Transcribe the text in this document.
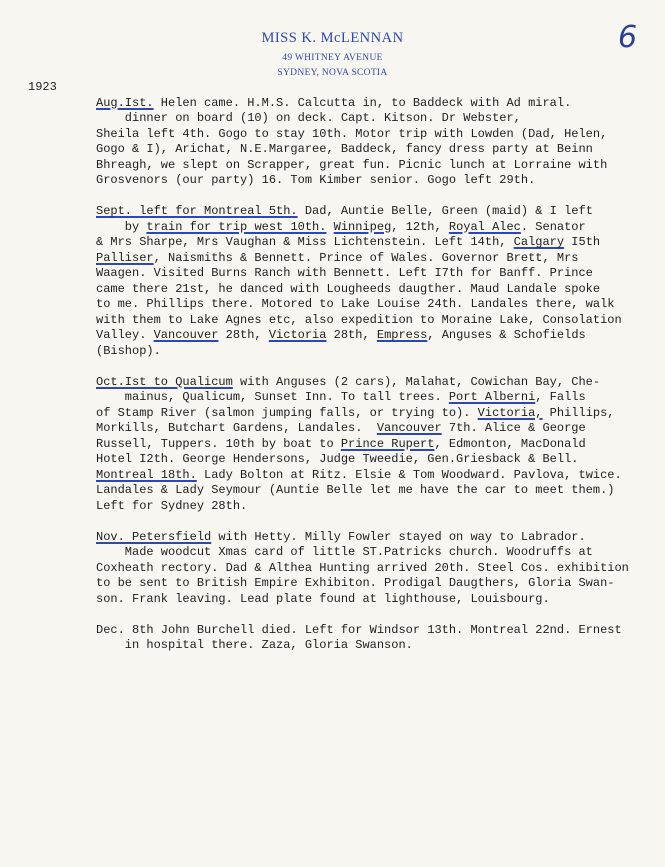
MISS K. McLENNAN
49 WHITNEY AVENUE
SYDNEY, NOVA SCOTIA
6
1923

Aug.Ist. Helen came. H.M.S. Calcutta in, to Baddeck with Ad miral.
dinner on board (10) on deck. Capt. Kitson. Dr Webster,
Sheila left 4th. Gogo to stay 10th. Motor trip with Lowden (Dad, Helen,
Gogo & I), Arichat, N.E.Margaree, Baddeck, fancy dress party at Beinn
Bhreagh, we slept on Scrapper, great fun. Picnic lunch at Lorraine with
Grosvenors (our party) 16. Tom Kimber senior. Gogo left 29th.

Sept. left for Montreal 5th. Dad, Auntie Belle, Green (maid) & I left
by train for trip west 10th. Winnipeg, 12th, Royal Alec. Senator
& Mrs Sharpe, Mrs Vaughan & Miss Lichtenstein. Left 14th, Calgary I5th
Palliser, Naismiths & Bennett. Prince of Wales. Governor Brett, Mrs
Waagen. Visited Burns Ranch with Bennett. Left I7th for Banff. Prince
came there 21st, he danced with Lougheeds daugther. Maud Landale spoke
to me. Phillips there. Motored to Lake Louise 24th. Landales there, walk
with them to Lake Agnes etc, also expedition to Moraine Lake, Consolation
Valley. Vancouver 28th, Victoria 28th, Empress, Anguses & Schofields
(Bishop).

Oct.Ist to Qualicum with Anguses (2 cars), Malahat, Cowichan Bay, Che-
mainus, Qualicum, Sunset Inn. To tall trees. Port Alberni, Falls
of Stamp River (salmon jumping falls, or trying to). Victoria, Phillips,
Morkills, Butchart Gardens, Landales.  Vancouver 7th. Alice & George
Russell, Tuppers. 10th by boat to Prince Rupert, Edmonton, MacDonald
Hotel I2th. George Hendersons, Judge Tweedie, Gen.Griesback & Bell.
Montreal 18th. Lady Bolton at Ritz. Elsie & Tom Woodward. Pavlova, twice.
Landales & Lady Seymour (Auntie Belle let me have the car to meet them.)
Left for Sydney 28th.

Nov. Petersfield with Hetty. Milly Fowler stayed on way to Labrador.
Made woodcut Xmas card of little ST.Patricks church. Woodruffs at
Coxheath rectory. Dad & Althea Hunting arrived 20th. Steel Cos. exhibition
to be sent to British Empire Exhibiton. Prodigal Daugthers, Gloria Swan-
son. Frank leaving. Lead plate found at lighthouse, Louisbourg.

Dec. 8th John Burchell died. Left for Windsor 13th. Montreal 22nd. Ernest
in hospital there. Zaza, Gloria Swanson.
